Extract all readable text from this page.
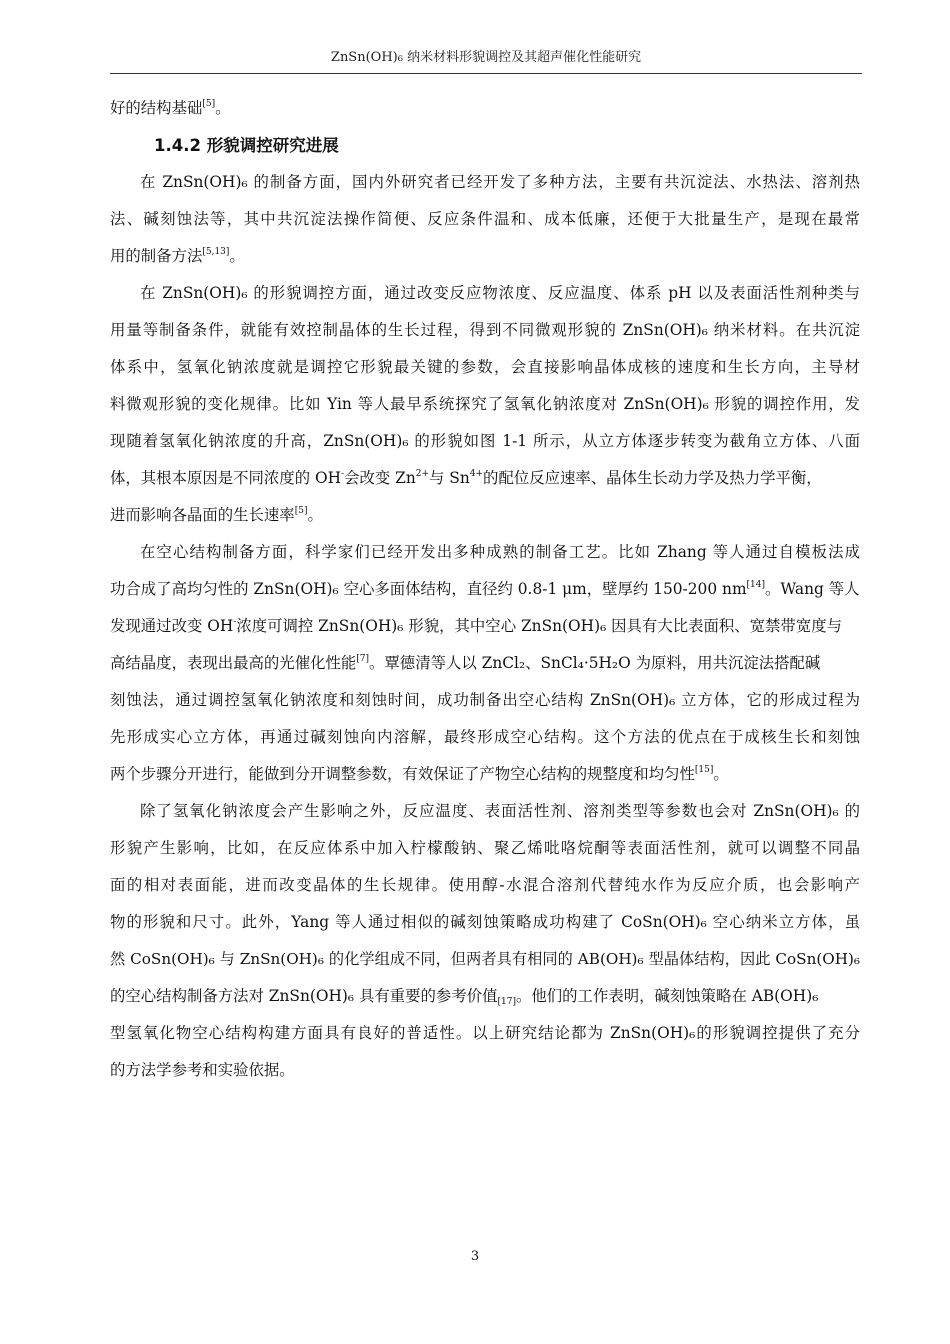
ZnSn(OH)₆ 纳米材料形貌调控及其超声催化性能研究
好的结构基础[5]。
1.4.2 形貌调控研究进展
在 ZnSn(OH)₆ 的制备方面，国内外研究者已经开发了多种方法，主要有共沉淀法、水热法、溶剂热
法、碱刻蚀法等，其中共沉淀法操作简便、反应条件温和、成本低廉，还便于大批量生产，是现在最常
用的制备方法[5,13]。
在 ZnSn(OH)₆ 的形貌调控方面，通过改变反应物浓度、反应温度、体系 pH 以及表面活性剂种类与
用量等制备条件，就能有效控制晶体的生长过程，得到不同微观形貌的 ZnSn(OH)₆ 纳米材料。在共沉淀
体系中，氢氧化钠浓度就是调控它形貌最关键的参数，会直接影响晶体成核的速度和生长方向，主导材
料微观形貌的变化规律。比如 Yin 等人最早系统探究了氢氧化钠浓度对 ZnSn(OH)₆ 形貌的调控作用，发
现随着氢氧化钠浓度的升高，ZnSn(OH)₆ 的形貌如图 1-1 所示，从立方体逐步转变为截角立方体、八面
体，其根本原因是不同浓度的 OH-会改变 $Zn^{2+}$与 $Sn^{4+}$的配位反应速率、晶体生长动力学及热力学平衡，
进而影响各晶面的生长速率[5]。
在空心结构制备方面，科学家们已经开发出多种成熟的制备工艺。比如 Zhang 等人通过自模板法成
功合成了高均匀性的 ZnSn(OH)₆ 空心多面体结构，直径约 0.8-1 μm，壁厚约 150-200 nm[14]。Wang 等人
发现通过改变 OH-浓度可调控 ZnSn(OH)₆ 形貌，其中空心 ZnSn(OH)₆ 因具有大比表面积、宽禁带宽度与
高结晶度，表现出最高的光催化性能[7]。覃德清等人以 ZnCl₂、SnCl₄·5H₂O 为原料，用共沉淀法搭配碱
刻蚀法，通过调控氢氧化钠浓度和刻蚀时间，成功制备出空心结构 ZnSn(OH)₆ 立方体，它的形成过程为
先形成实心立方体，再通过碱刻蚀向内溶解，最终形成空心结构。这个方法的优点在于成核生长和刻蚀
两个步骤分开进行，能做到分开调整参数，有效保证了产物空心结构的规整度和均匀性[15]。
除了氢氧化钠浓度会产生影响之外，反应温度、表面活性剂、溶剂类型等参数也会对 ZnSn(OH)₆ 的
形貌产生影响，比如，在反应体系中加入柠檬酸钠、聚乙烯吡咯烷酮等表面活性剂，就可以调整不同晶
面的相对表面能，进而改变晶体的生长规律。使用醇-水混合溶剂代替纯水作为反应介质，也会影响产
物的形貌和尺寸。此外，Yang 等人通过相似的碱刻蚀策略成功构建了 CoSn(OH)₆ 空心纳米立方体，虽
然 CoSn(OH)₆ 与 ZnSn(OH)₆ 的化学组成不同，但两者具有相同的 AB(OH)₆ 型晶体结构，因此 CoSn(OH)₆
的空心结构制备方法对 ZnSn(OH)₆ 具有重要的参考价值$_{[17]}$。他们的工作表明，碱刻蚀策略在 AB(OH)₆
型氢氧化物空心结构构建方面具有良好的普适性。以上研究结论都为 ZnSn(OH)₆的形貌调控提供了充分
的方法学参考和实验依据。
3
